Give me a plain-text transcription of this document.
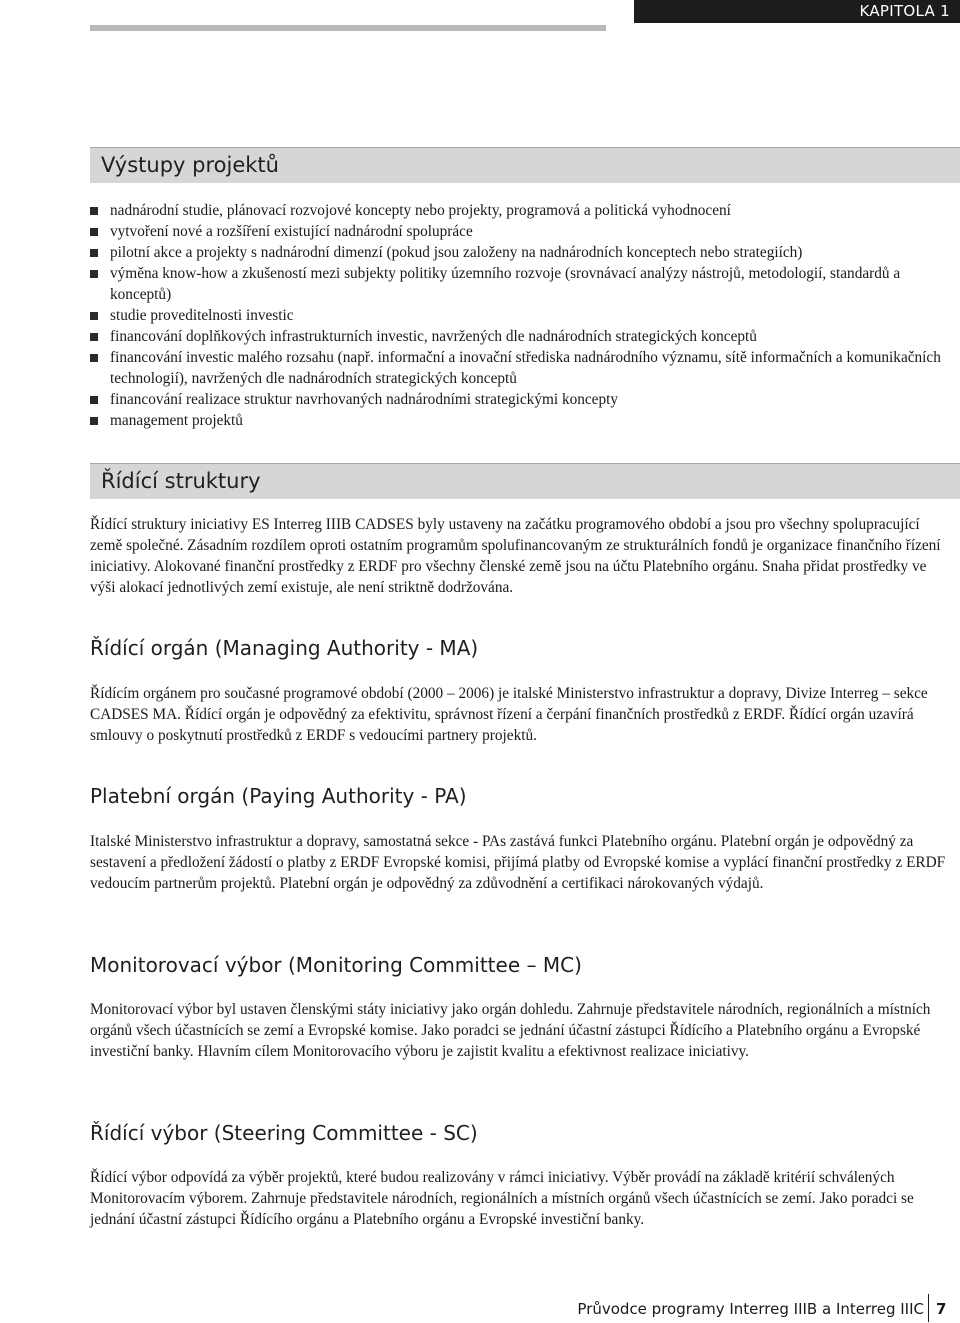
KAPITOLA 1
Výstupy projektů
nadnárodní studie, plánovací rozvojové koncepty nebo projekty, programová a politická vyhodnocení
vytvoření nové a rozšíření existující nadnárodní spolupráce
pilotní akce a projekty s nadnárodní dimenzí (pokud jsou založeny na nadnárodních konceptech nebo strategiích)
výměna know-how a zkušeností mezi subjekty politiky územního rozvoje (srovnávací analýzy nástrojů, metodologií, standardů a konceptů)
studie proveditelnosti investic
financování doplňkových infrastrukturních investic, navržených dle nadnárodních strategických konceptů
financování investic malého rozsahu (např. informační a inovační střediska nadnárodního významu, sítě informačních a komunikačních technologií), navržených dle nadnárodních strategických konceptů
financování realizace struktur navrhovaných nadnárodními strategickými koncepty
management projektů
Řídící struktury

Řídící struktury iniciativy ES Interreg IIIB CADSES byly ustaveny na začátku programového období a jsou pro všechny spolupracující země společné. Zásadním rozdílem oproti ostatním programům spolufinancovaným ze strukturálních fondů je organizace finančního řízení iniciativy. Alokované finanční prostředky z ERDF pro všechny členské země jsou na účtu Platebního orgánu. Snaha přidat prostředky ve výši alokací jednotlivých zemí existuje, ale není striktně dodržována.

Řídící orgán (Managing Authority - MA)

Řídícím orgánem pro současné programové období (2000 – 2006) je italské Ministerstvo infrastruktur a dopravy, Divize Interreg – sekce CADSES MA. Řídící orgán je odpovědný za efektivitu, správnost řízení a čerpání finančních prostředků z ERDF. Řídící orgán uzavírá smlouvy o poskytnutí prostředků z ERDF s vedoucími partnery projektů.

Platební orgán (Paying Authority - PA)

Italské Ministerstvo infrastruktur a dopravy, samostatná sekce - PAs zastává funkci Platebního orgánu. Platební orgán je odpovědný za sestavení a předložení žádostí o platby z ERDF Evropské komisi, přijímá platby od Evropské komise a vyplácí finanční prostředky z ERDF vedoucím partnerům projektů. Platební orgán je odpovědný za zdůvodnění a certifikaci nárokovaných výdajů.

Monitorovací výbor (Monitoring Committee – MC)

Monitorovací výbor byl ustaven členskými státy iniciativy jako orgán dohledu. Zahrnuje představitele národních, regionálních a místních orgánů všech účastnících se zemí a Evropské komise. Jako poradci se jednání účastní zástupci Řídícího a Platebního orgánu a Evropské investiční banky. Hlavním cílem Monitorovacího výboru je zajistit kvalitu a efektivnost realizace iniciativy.

Řídící výbor (Steering Committee - SC)

Řídící výbor odpovídá za výběr projektů, které budou realizovány v rámci iniciativy. Výběr provádí na základě kritérií schválených Monitorovacím výborem. Zahrnuje představitele národních, regionálních a místních orgánů všech účastnících se zemí. Jako poradci se jednání účastní zástupci Řídícího orgánu a Platebního orgánu a Evropské investiční banky.

Průvodce programy Interreg IIIB a Interreg IIIC 7
